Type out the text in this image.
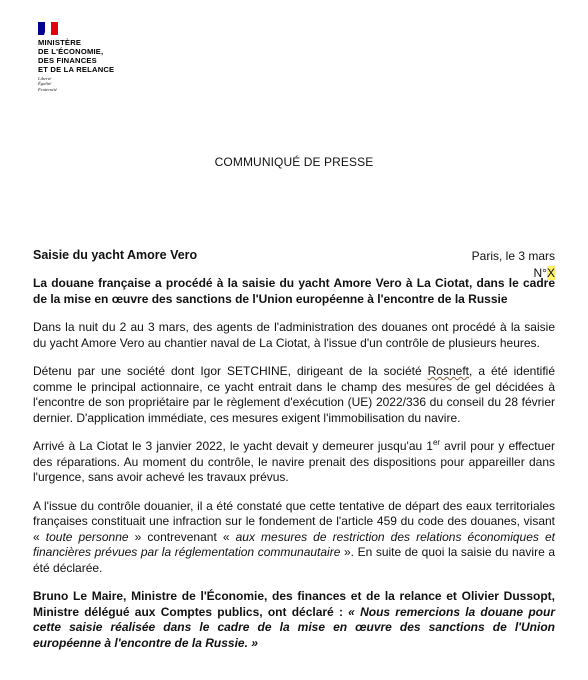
MINISTÈRE
DE L'ÉCONOMIE,
DES FINANCES
ET DE LA RELANCE
Liberté
Égalité
Fraternité
COMMUNIQUÉ DE PRESSE
Saisie du yacht Amore Vero	Paris, le 3 mars
N°X

La douane française a procédé à la saisie du yacht Amore Vero à La Ciotat, dans le cadre de la mise en œuvre des sanctions de l'Union européenne à l'encontre de la Russie

Dans la nuit du 2 au 3 mars, des agents de l'administration des douanes ont procédé à la saisie du yacht Amore Vero au chantier naval de La Ciotat, à l'issue d'un contrôle de plusieurs heures.

Détenu par une société dont Igor SETCHINE, dirigeant de la société Rosneft, a été identifié comme le principal actionnaire, ce yacht entrait dans le champ des mesures de gel décidées à l'encontre de son propriétaire par le règlement d'exécution (UE) 2022/336 du conseil du 28 février dernier. D'application immédiate, ces mesures exigent l'immobilisation du navire.

Arrivé à La Ciotat le 3 janvier 2022, le yacht devait y demeurer jusqu'au 1er avril pour y effectuer des réparations. Au moment du contrôle, le navire prenait des dispositions pour appareiller dans l'urgence, sans avoir achevé les travaux prévus.

A l'issue du contrôle douanier, il a été constaté que cette tentative de départ des eaux territoriales françaises constituait une infraction sur le fondement de l'article 459 du code des douanes, visant « toute personne » contrevenant « aux mesures de restriction des relations économiques et financières prévues par la réglementation communautaire ». En suite de quoi la saisie du navire a été déclarée.

Bruno Le Maire, Ministre de l'Économie, des finances et de la relance et Olivier Dussopt, Ministre délégué aux Comptes publics, ont déclaré : « Nous remercions la douane pour cette saisie réalisée dans le cadre de la mise en œuvre des sanctions de l'Union européenne à l'encontre de la Russie. »
